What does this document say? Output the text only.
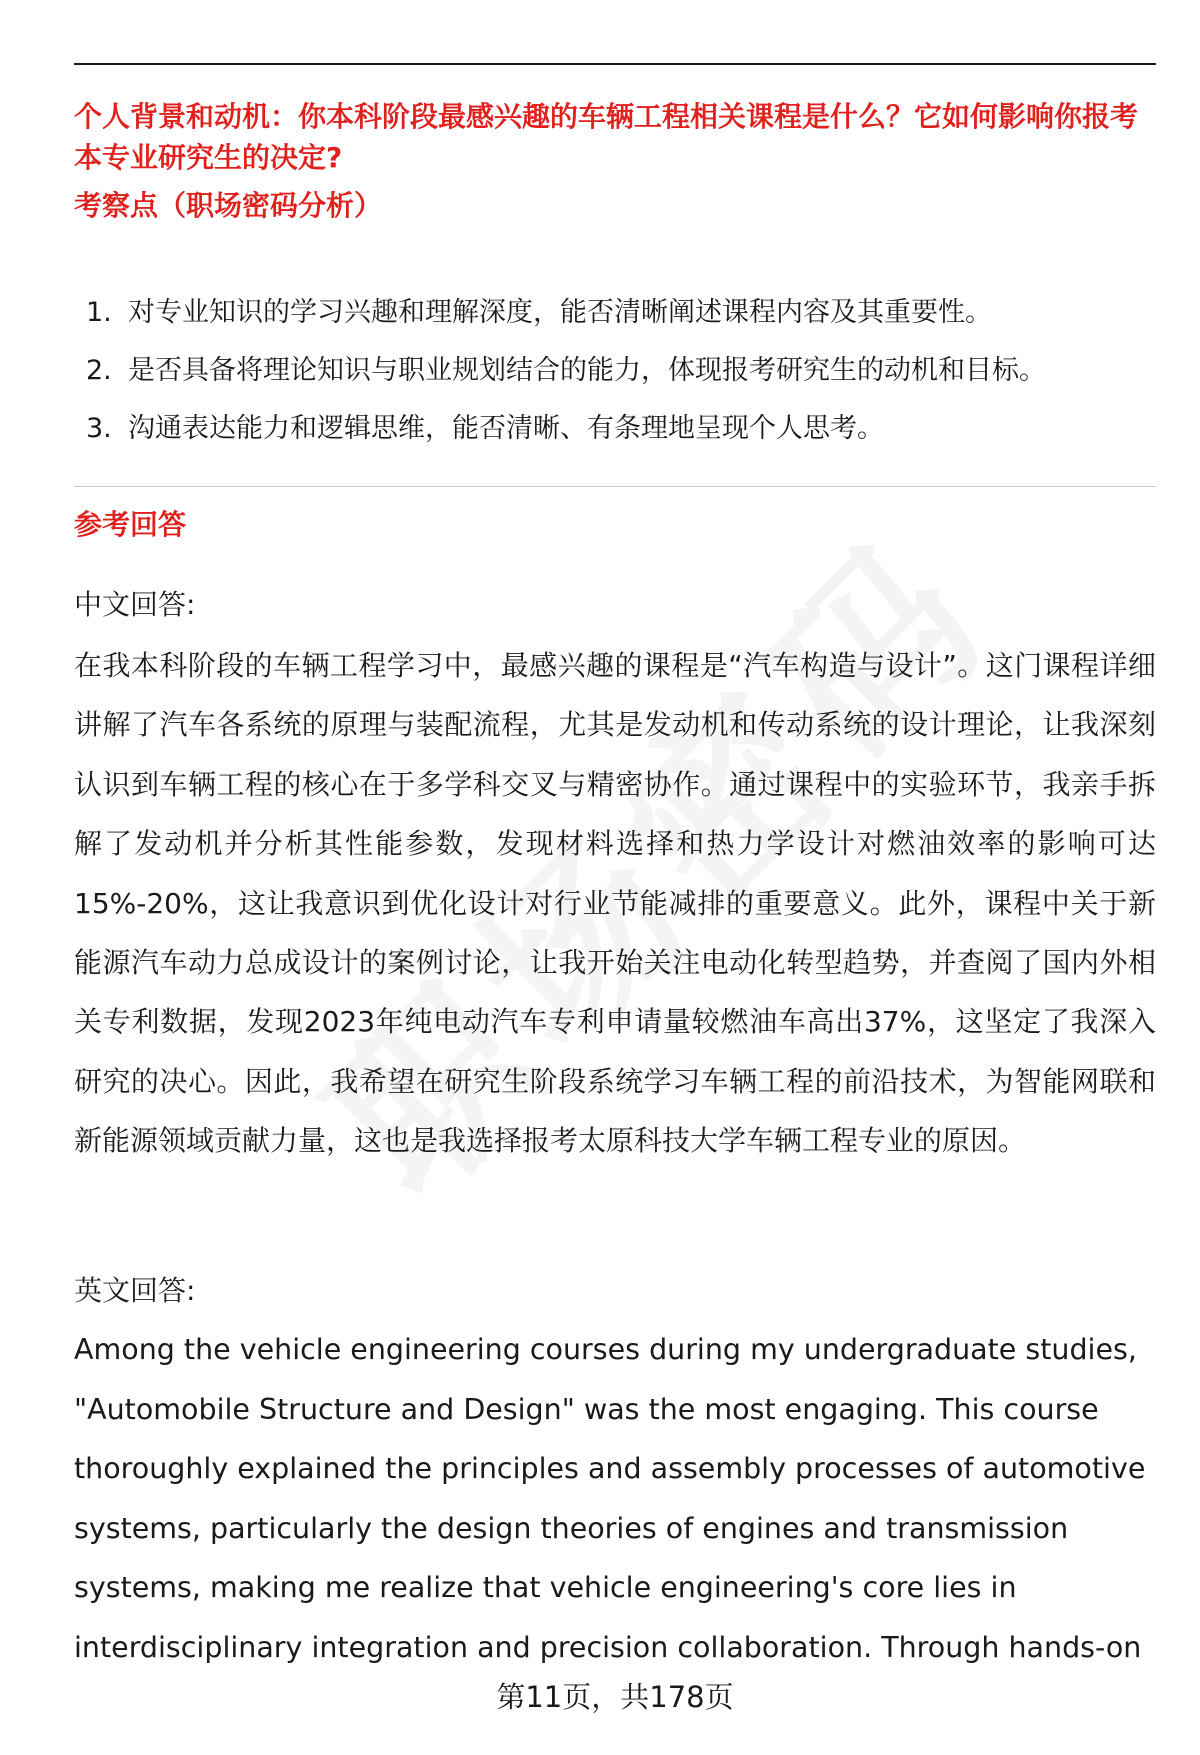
个人背景和动机：你本科阶段最感兴趣的车辆工程相关课程是什么？它如何影响你报考本专业研究生的决定?
考察点（职场密码分析）
1. 对专业知识的学习兴趣和理解深度，能否清晰阐述课程内容及其重要性。
2. 是否具备将理论知识与职业规划结合的能力，体现报考研究生的动机和目标。
3. 沟通表达能力和逻辑思维，能否清晰、有条理地呈现个人思考。
参考回答
中文回答:
在我本科阶段的车辆工程学习中，最感兴趣的课程是“汽车构造与设计”。这门课程详细讲解了汽车各系统的原理与装配流程，尤其是发动机和传动系统的设计理论，让我深刻认识到车辆工程的核心在于多学科交叉与精密协作。通过课程中的实验环节，我亲手拆解了发动机并分析其性能参数，发现材料选择和热力学设计对燃油效率的影响可达15%-20%，这让我意识到优化设计对行业节能减排的重要意义。此外，课程中关于新能源汽车动力总成设计的案例讨论，让我开始关注电动化转型趋势，并查阅了国内外相关专利数据，发现2023年纯电动汽车专利申请量较燃油车高出37%，这坚定了我深入研究的决心。因此，我希望在研究生阶段系统学习车辆工程的前沿技术，为智能网联和新能源领域贡献力量，这也是我选择报考太原科技大学车辆工程专业的原因。
英文回答:
Among the vehicle engineering courses during my undergraduate studies, "Automobile Structure and Design" was the most engaging. This course thoroughly explained the principles and assembly processes of automotive systems, particularly the design theories of engines and transmission systems, making me realize that vehicle engineering's core lies in interdisciplinary integration and precision collaboration. Through hands-on
第11页，共178页
